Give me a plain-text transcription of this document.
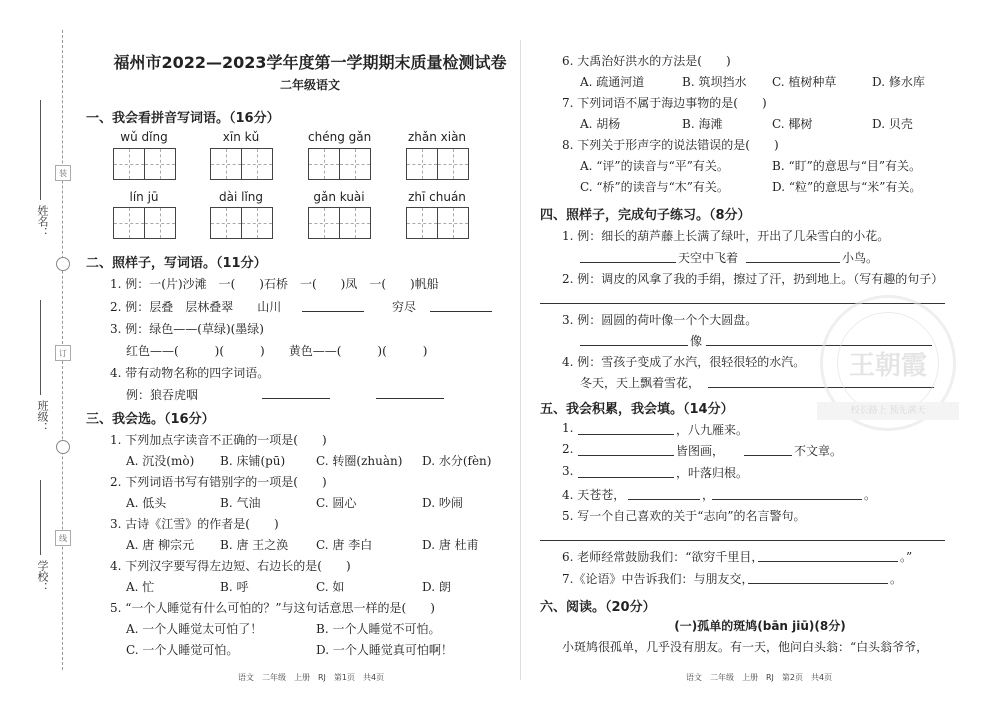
姓名：
班级：
学校：
装
订
线
福州市2022—2023学年度第一学期期末质量检测试卷
二年级语文
一、我会看拼音写词语。（16分）
wǔ dǐng	xīn kǔ	chéng gǎn	zhǎn xiàn
lín jū	dài lǐng	gǎn kuài	zhī chuán
二、照样子，写词语。（11分）
1. 例：一(片)沙滩　一(　　)石桥　一(　　)凤　一(　　)帆船
2. 例：层叠　层林叠翠　　山川	穷尽
3. 例：绿色——(草绿)(墨绿)
红色——(　　　)(　　　)　　黄色——(　　　)(　　　)
4. 带有动物名称的四字词语。
例：狼吞虎咽
三、我会选。（16分）
1. 下列加点字读音不正确的一项是(　　)
A. 沉没(mò) B. 床铺(pū)	C. 转圈(zhuàn) D. 水分(fèn)
2. 下列词语书写有错别字的一项是(　　)
A. 低头	B. 气油	C. 圆心	D. 吵闹
3. 古诗《江雪》的作者是(　　)
A. 唐 柳宗元 B. 唐 王之涣 C. 唐 李白	D. 唐 杜甫
4. 下列汉字要写得左边短、右边长的是(　　)
A. 忙	B. 呼	C. 如	D. 朗
5. “一个人睡觉有什么可怕的？”与这句话意思一样的是(　　)
A. 一个人睡觉太可怕了！	B. 一个人睡觉不可怕。
C. 一个人睡觉可怕。	D. 一个人睡觉真可怕啊！
语文　二年级　上册　RJ　第1页　共4页
6. 大禹治好洪水的方法是(　　)
A. 疏通河道	B. 筑坝挡水 C. 植树种草	D. 修水库
7. 下列词语不属于海边事物的是(　　)
A. 胡杨	B. 海滩	C. 椰树	D. 贝壳
8. 下列关于形声字的说法错误的是(　　)
A. “评”的读音与“平”有关。	B. “盯”的意思与“目”有关。
C. “桥”的读音与“木”有关。	D. “粒”的意思与“米”有关。
四、照样子，完成句子练习。（8分）
1. 例：细长的葫芦藤上长满了绿叶，开出了几朵雪白的小花。
天空中飞着	小鸟。
2. 例：调皮的风拿了我的手绢，擦过了汗，扔到地上。（写有趣的句子）
3. 例：圆圆的荷叶像一个个大圆盘。
像
4. 例：雪孩子变成了水汽，很轻很轻的水汽。
冬天，天上飘着雪花，
五、我会积累，我会填。（14分）
1.	，八九雁来。
2.	皆图画，	不文章。
3.	，叶落归根。
4. 天苍苍，	，	。
5. 写一个自己喜欢的关于“志向”的名言警句。
6. 老师经常鼓励我们：“欲穷千里目，	。”
7.《论语》中告诉我们：与朋友交，	。
六、阅读。（20分）
(一)孤单的斑鸠(bān jiū)(8分)
小斑鸠很孤单，几乎没有朋友。有一天，他问白头翁：“白头翁爷爷，
语文　二年级　上册　RJ　第2页　共4页
王朝霞
校长路上 预先满天
